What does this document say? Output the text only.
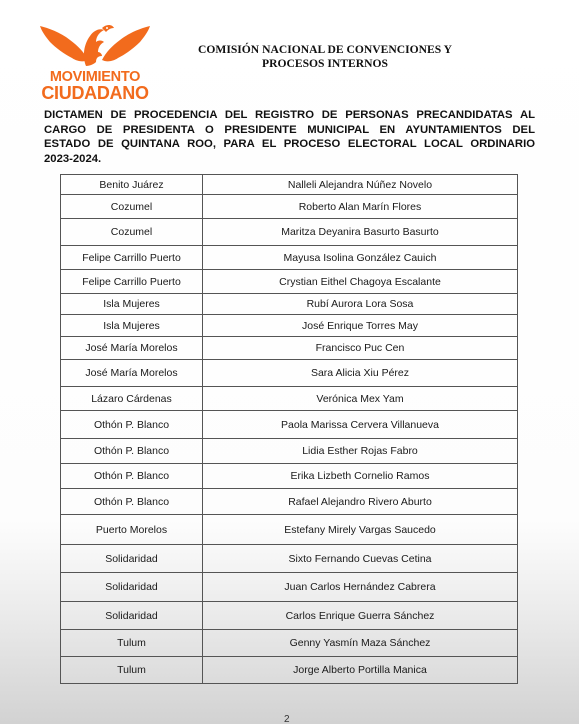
MOVIMIENTO
CIUDADANO
COMISIÓN NACIONAL DE CONVENCIONES Y
PROCESOS INTERNOS
DICTAMEN DE PROCEDENCIA DEL REGISTRO DE PERSONAS PRECANDIDATAS AL
CARGO DE PRESIDENTA O PRESIDENTE MUNICIPAL EN AYUNTAMIENTOS DEL
ESTADO DE QUINTANA ROO, PARA EL PROCESO ELECTORAL LOCAL ORDINARIO
2023-2024.
Benito Juárez	Nalleli Alejandra Núñez Novelo
Cozumel	Roberto Alan Marín Flores
Cozumel	Maritza Deyanira Basurto Basurto
Felipe Carrillo Puerto	Mayusa Isolina González Cauich
Felipe Carrillo Puerto	Crystian Eithel Chagoya Escalante
Isla Mujeres	Rubí Aurora Lora Sosa
Isla Mujeres	José Enrique Torres May
José María Morelos	Francisco Puc Cen
José María Morelos	Sara Alicia Xiu Pérez
Lázaro Cárdenas	Verónica Mex Yam
Othón P. Blanco	Paola Marissa Cervera Villanueva
Othón P. Blanco	Lidia Esther Rojas Fabro
Othón P. Blanco	Erika Lizbeth Cornelio Ramos
Othón P. Blanco	Rafael Alejandro Rivero Aburto
Puerto Morelos	Estefany Mirely Vargas Saucedo
Solidaridad	Sixto Fernando Cuevas Cetina
Solidaridad	Juan Carlos Hernández Cabrera
Solidaridad	Carlos Enrique Guerra Sánchez
Tulum	Genny Yasmín Maza Sánchez
Tulum	Jorge Alberto Portilla Manica
2
